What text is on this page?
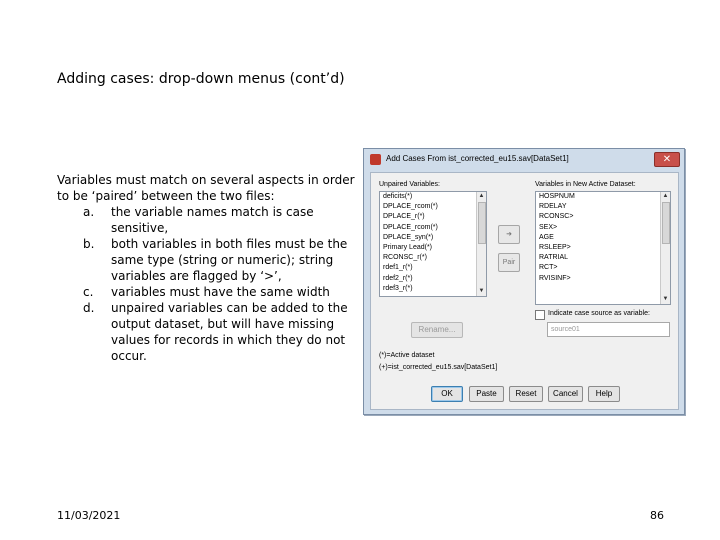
Adding cases: drop-down menus (cont’d)

Variables must match on several aspects in order to be ‘paired’ between the two files:

a. the variable names match is case sensitive,
b. both variables in both files must be the same type (string or numeric); string variables are flagged by ‘>’,
c. variables must have the same width
d. unpaired variables can be added to the output dataset, but will have missing values for records in which they do not occur.
Add Cases From ist_corrected_eu15.sav[DataSet1]	✕
Unpaired Variables:
deficits(*)
DPLACE_rcom(*)
DPLACE_r(*)
DPLACE_rcom(*)
DPLACE_syn(*)
Primary Lead(*)
RCONSC_r(*)
rdef1_r(*)
rdef2_r(*)
rdef3_r(*)
▲
▼
➜
Pair
Variables in New Active Dataset:
HOSPNUM
RDELAY
RCONSC>
SEX>
AGE
RSLEEP>
RATRIAL
RCT>
RVISINF>
▲
▼
Indicate case source as variable:
source01
Rename...
(*)=Active dataset
(+)=ist_corrected_eu15.sav[DataSet1]
OK	Paste	Reset	Cancel	Help
11/03/2021	86
